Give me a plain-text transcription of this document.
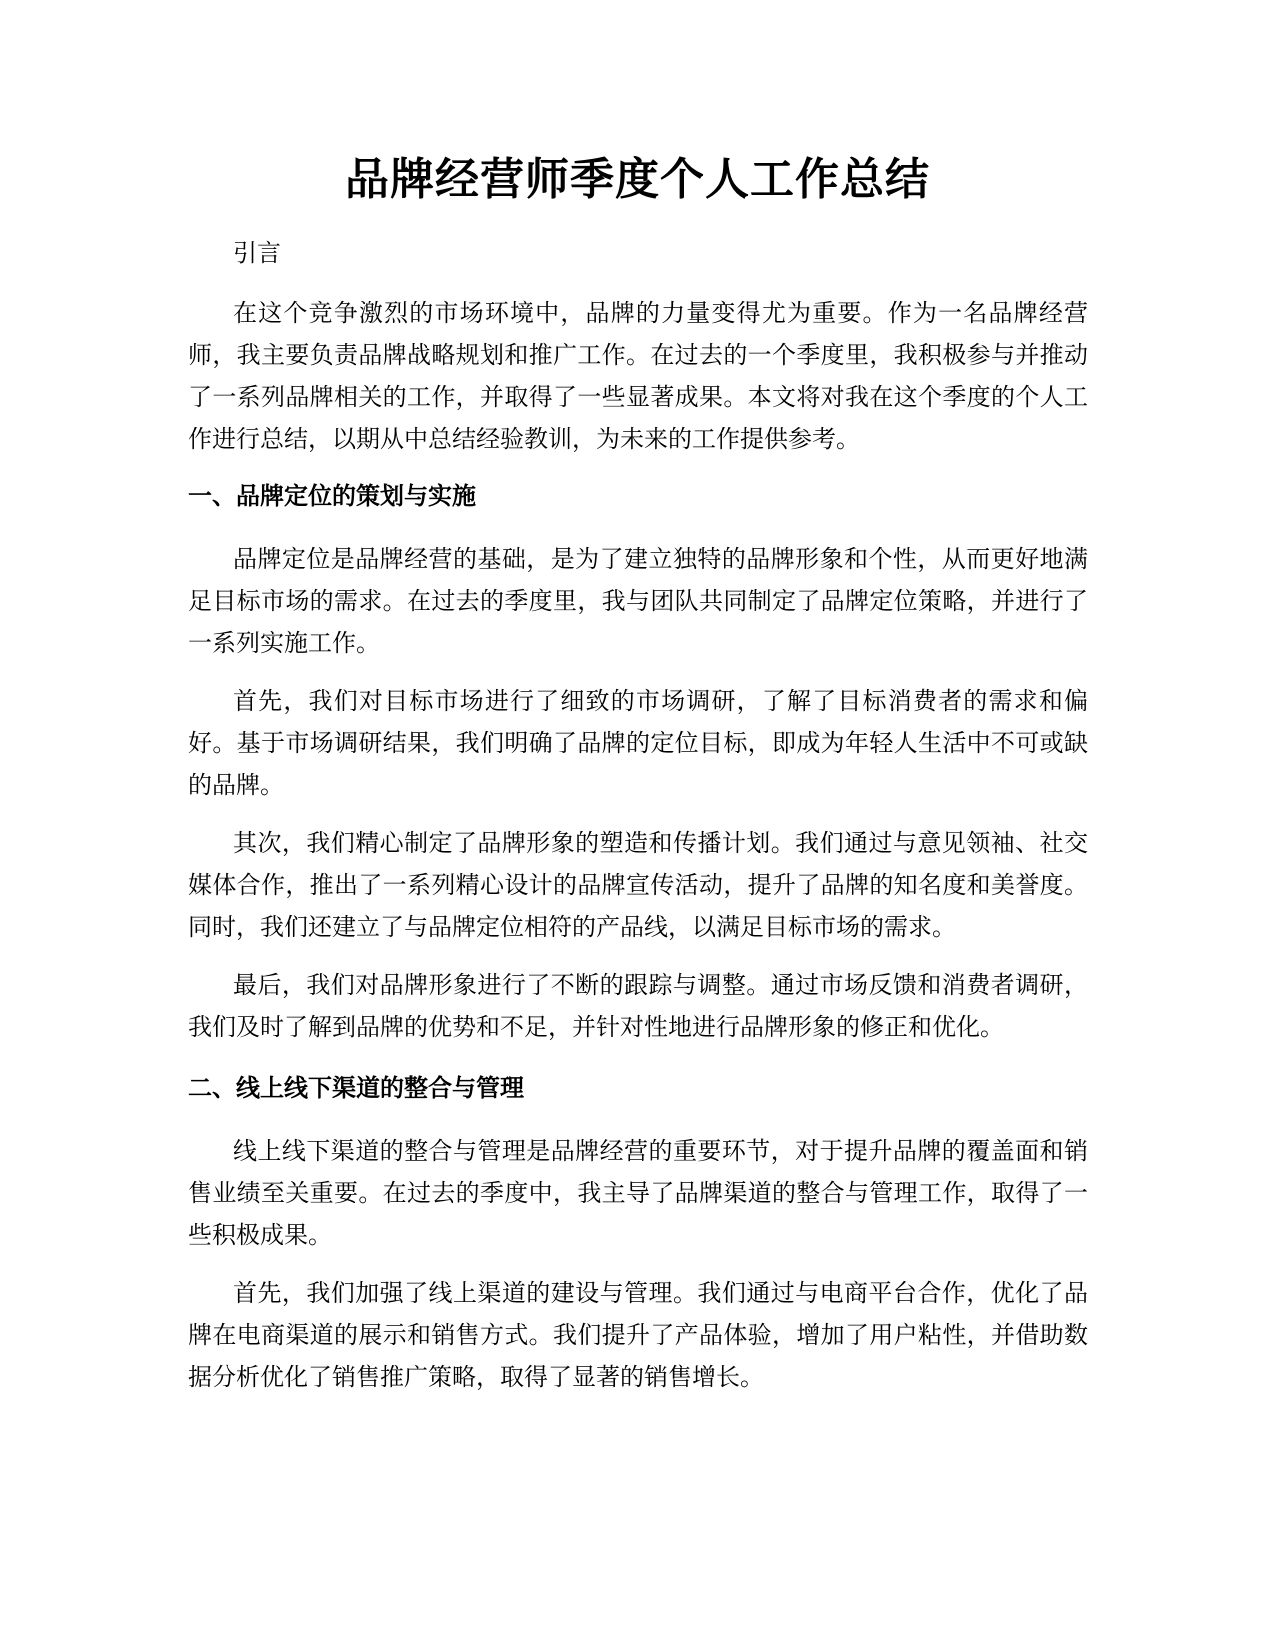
品牌经营师季度个人工作总结

引言

在这个竞争激烈的市场环境中，品牌的力量变得尤为重要。作为一名品牌经营师，我主要负责品牌战略规划和推广工作。在过去的一个季度里，我积极参与并推动了一系列品牌相关的工作，并取得了一些显著成果。本文将对我在这个季度的个人工作进行总结，以期从中总结经验教训，为未来的工作提供参考。

一、品牌定位的策划与实施

品牌定位是品牌经营的基础，是为了建立独特的品牌形象和个性，从而更好地满足目标市场的需求。在过去的季度里，我与团队共同制定了品牌定位策略，并进行了一系列实施工作。

首先，我们对目标市场进行了细致的市场调研，了解了目标消费者的需求和偏好。基于市场调研结果，我们明确了品牌的定位目标，即成为年轻人生活中不可或缺的品牌。

其次，我们精心制定了品牌形象的塑造和传播计划。我们通过与意见领袖、社交媒体合作，推出了一系列精心设计的品牌宣传活动，提升了品牌的知名度和美誉度。同时，我们还建立了与品牌定位相符的产品线，以满足目标市场的需求。

最后，我们对品牌形象进行了不断的跟踪与调整。通过市场反馈和消费者调研，我们及时了解到品牌的优势和不足，并针对性地进行品牌形象的修正和优化。

二、线上线下渠道的整合与管理

线上线下渠道的整合与管理是品牌经营的重要环节，对于提升品牌的覆盖面和销售业绩至关重要。在过去的季度中，我主导了品牌渠道的整合与管理工作，取得了一些积极成果。

首先，我们加强了线上渠道的建设与管理。我们通过与电商平台合作，优化了品牌在电商渠道的展示和销售方式。我们提升了产品体验，增加了用户粘性，并借助数据分析优化了销售推广策略，取得了显著的销售增长。
